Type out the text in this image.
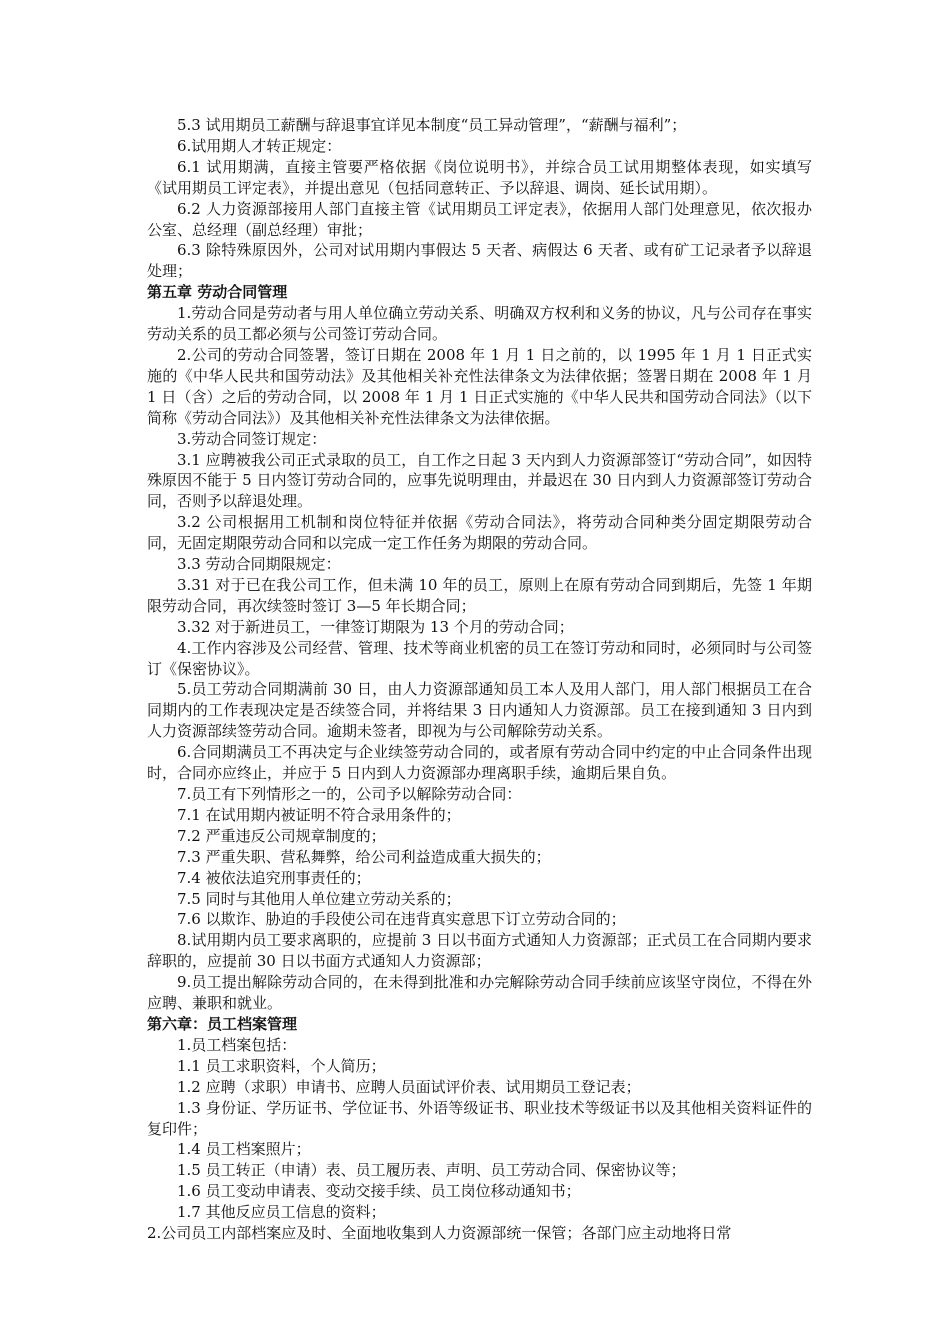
5.3 试用期员工薪酬与辞退事宜详见本制度“员工异动管理”，“薪酬与福利”；

6.试用期人才转正规定：

6.1 试用期满，直接主管要严格依据《岗位说明书》，并综合员工试用期整体表现，如实填写《试用期员工评定表》，并提出意见（包括同意转正、予以辞退、调岗、延长试用期）。

6.2 人力资源部接用人部门直接主管《试用期员工评定表》，依据用人部门处理意见，依次报办公室、总经理（副总经理）审批；

6.3 除特殊原因外，公司对试用期内事假达 5 天者、病假达 6 天者、或有矿工记录者予以辞退处理；

第五章 劳动合同管理

1.劳动合同是劳动者与用人单位确立劳动关系、明确双方权利和义务的协议，凡与公司存在事实劳动关系的员工都必须与公司签订劳动合同。

2.公司的劳动合同签署，签订日期在 2008 年 1 月 1 日之前的，以 1995 年 1 月 1 日正式实施的《中华人民共和国劳动法》及其他相关补充性法律条文为法律依据；签署日期在 2008 年 1 月 1 日（含）之后的劳动合同，以 2008 年 1 月 1 日正式实施的《中华人民共和国劳动合同法》（以下简称《劳动合同法》）及其他相关补充性法律条文为法律依据。

3.劳动合同签订规定：

3.1 应聘被我公司正式录取的员工，自工作之日起 3 天内到人力资源部签订“劳动合同”，如因特殊原因不能于 5 日内签订劳动合同的，应事先说明理由，并最迟在 30 日内到人力资源部签订劳动合同，否则予以辞退处理。

3.2 公司根据用工机制和岗位特征并依据《劳动合同法》，将劳动合同种类分固定期限劳动合同，无固定期限劳动合同和以完成一定工作任务为期限的劳动合同。

3.3 劳动合同期限规定：

3.31 对于已在我公司工作，但未满 10 年的员工，原则上在原有劳动合同到期后，先签 1 年期限劳动合同，再次续签时签订 3—5 年长期合同；

3.32 对于新进员工，一律签订期限为 13 个月的劳动合同；

4.工作内容涉及公司经营、管理、技术等商业机密的员工在签订劳动和同时，必须同时与公司签订《保密协议》。

5.员工劳动合同期满前 30 日，由人力资源部通知员工本人及用人部门，用人部门根据员工在合同期内的工作表现决定是否续签合同，并将结果 3 日内通知人力资源部。员工在接到通知 3 日内到人力资源部续签劳动合同。逾期未签者，即视为与公司解除劳动关系。

6.合同期满员工不再决定与企业续签劳动合同的，或者原有劳动合同中约定的中止合同条件出现时，合同亦应终止，并应于 5 日内到人力资源部办理离职手续，逾期后果自负。

7.员工有下列情形之一的，公司予以解除劳动合同：

7.1 在试用期内被证明不符合录用条件的；

7.2 严重违反公司规章制度的；

7.3 严重失职、营私舞弊，给公司利益造成重大损失的；

7.4 被依法追究刑事责任的；

7.5 同时与其他用人单位建立劳动关系的；

7.6 以欺诈、胁迫的手段使公司在违背真实意思下订立劳动合同的；

8.试用期内员工要求离职的，应提前 3 日以书面方式通知人力资源部；正式员工在合同期内要求辞职的，应提前 30 日以书面方式通知人力资源部；

9.员工提出解除劳动合同的，在未得到批准和办完解除劳动合同手续前应该坚守岗位，不得在外应聘、兼职和就业。

第六章：员工档案管理

1.员工档案包括：

1.1 员工求职资料，个人简历；

1.2 应聘（求职）申请书、应聘人员面试评价表、试用期员工登记表；

1.3 身份证、学历证书、学位证书、外语等级证书、职业技术等级证书以及其他相关资料证件的复印件；

1.4 员工档案照片；

1.5 员工转正（申请）表、员工履历表、声明、员工劳动合同、保密协议等；

1.6 员工变动申请表、变动交接手续、员工岗位移动通知书；

1.7 其他反应员工信息的资料；

2.公司员工内部档案应及时、全面地收集到人力资源部统一保管；各部门应主动地将日常
